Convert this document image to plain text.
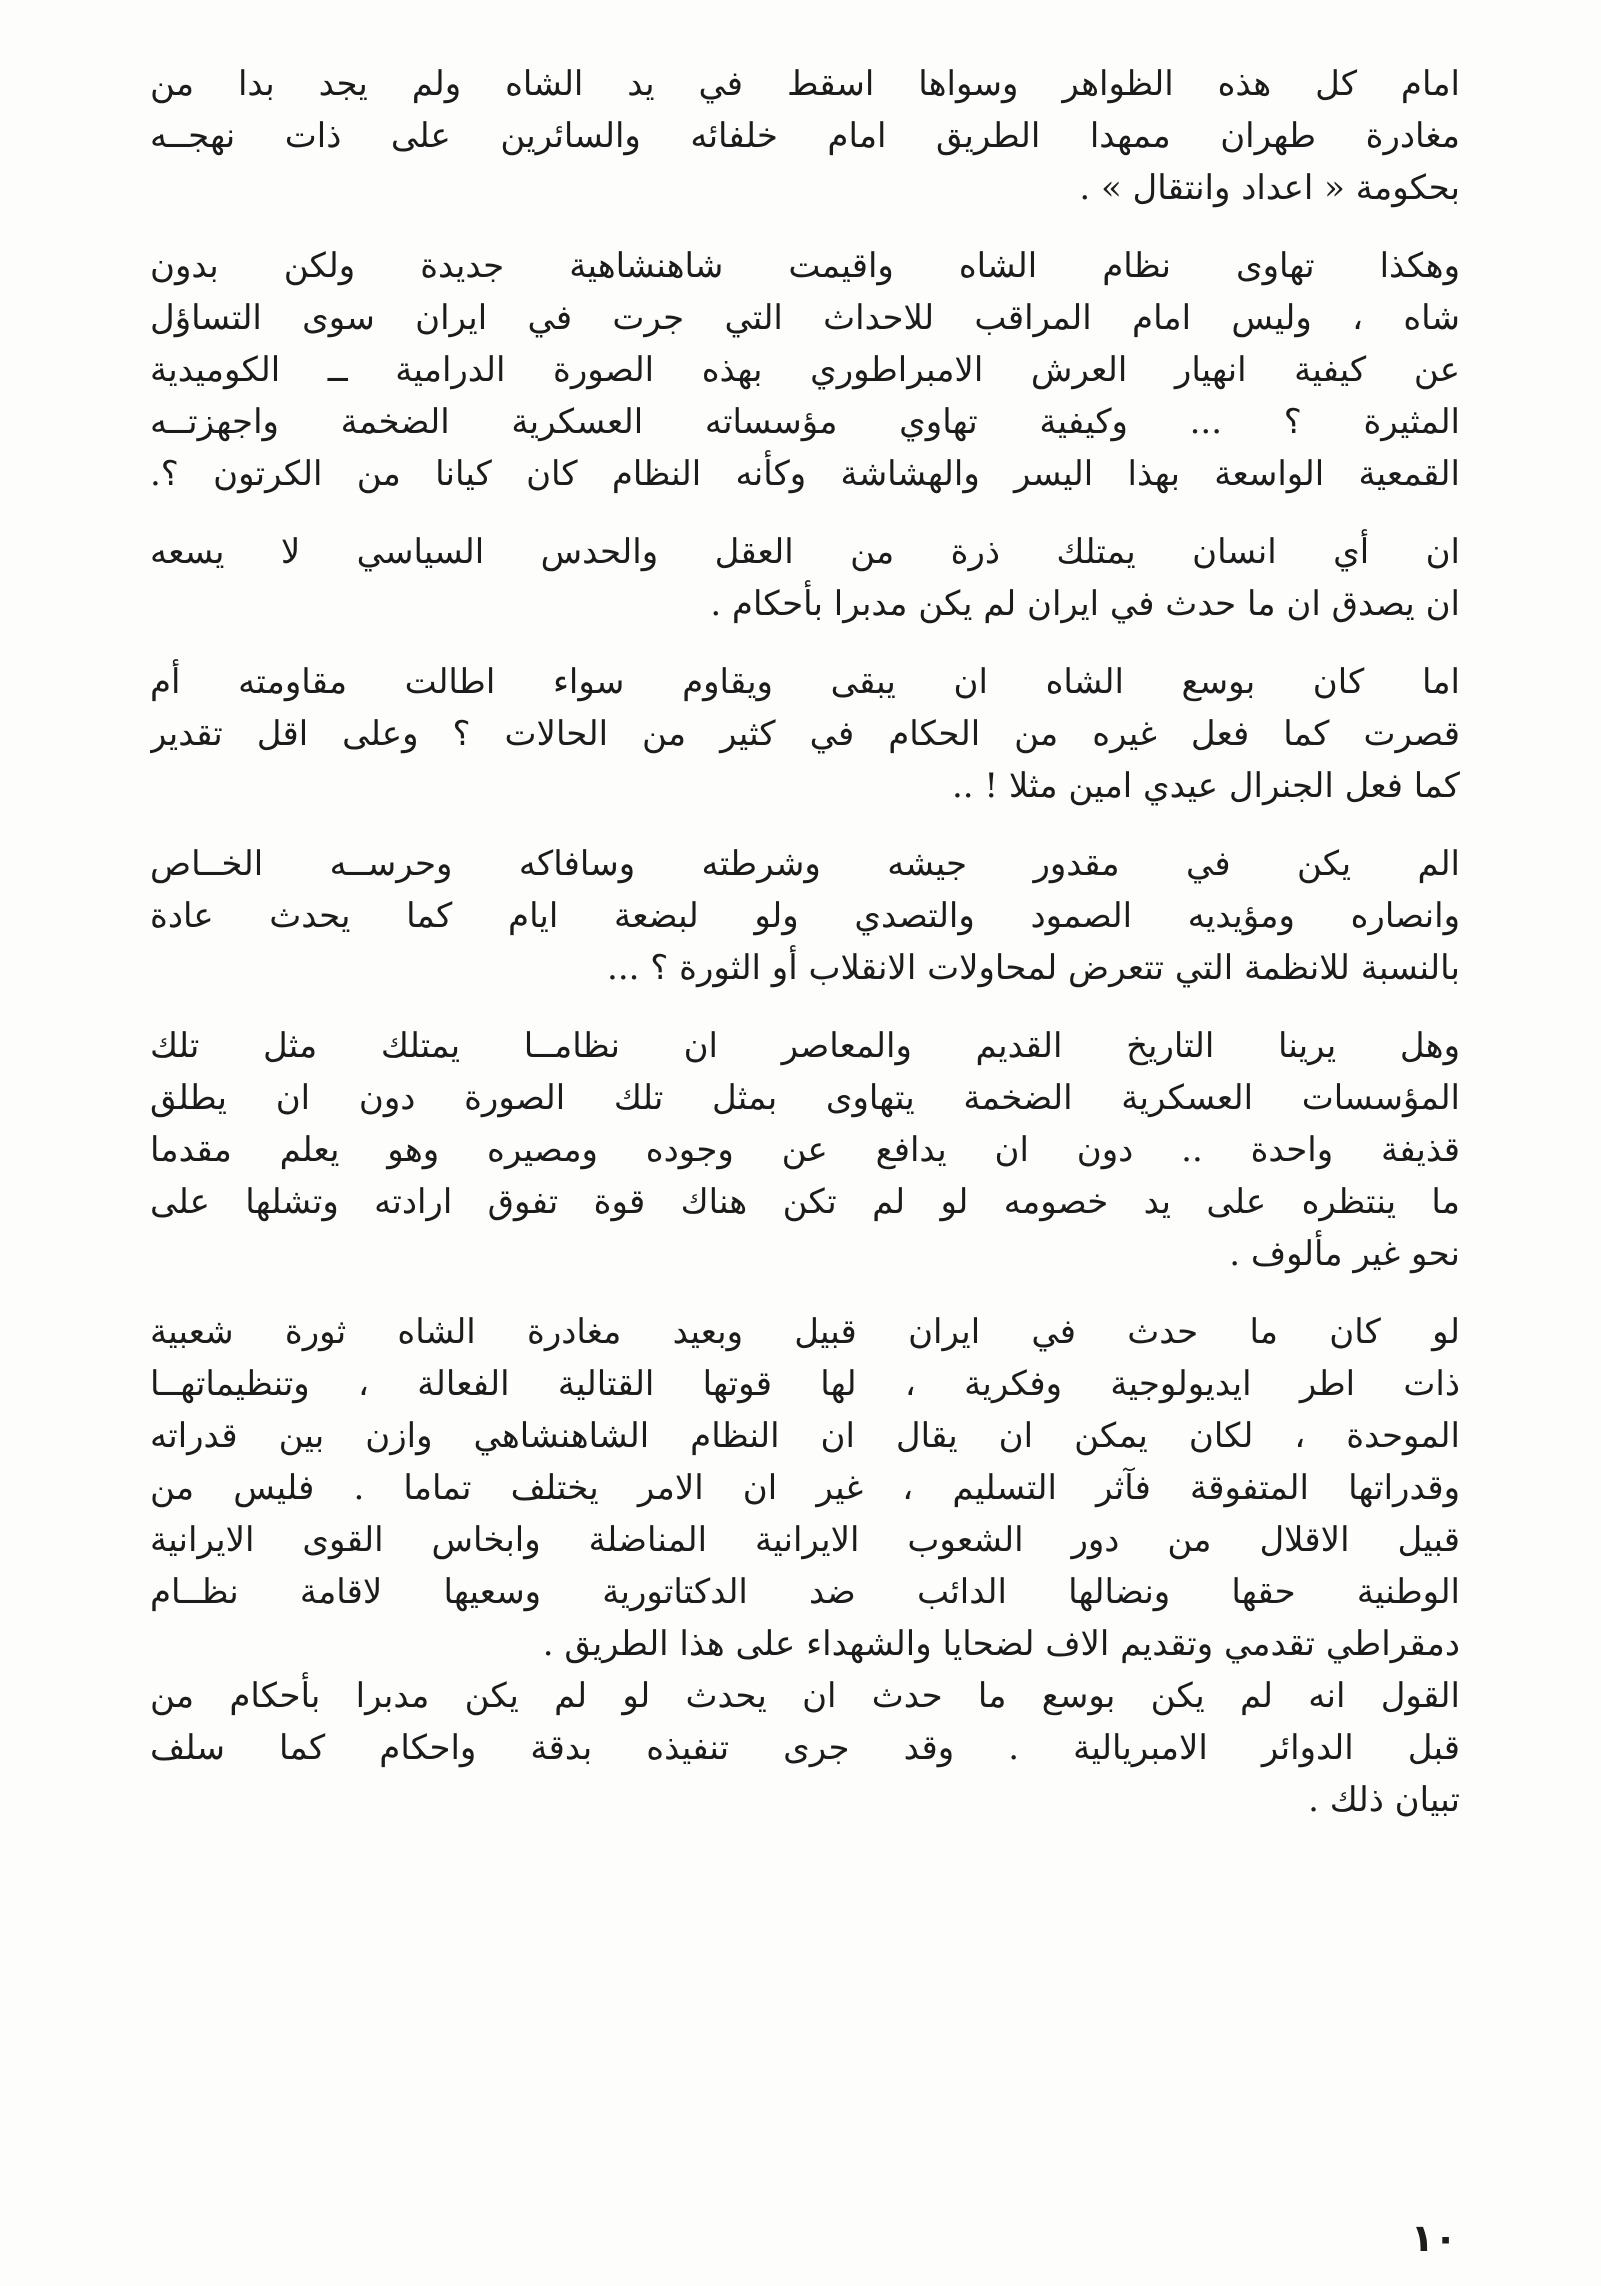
امام كل هذه الظواهر وسواها اسقط في يد الشاه ولم يجد بدا من
مغادرة طهران ممهدا الطريق امام خلفائه والسائرين على ذات نهجــه
بحكومة « اعداد وانتقال » .
وهكذا تهاوى نظام الشاه واقيمت شاهنشاهية جديدة ولكن بدون
شاه ، وليس امام المراقب للاحداث التي جرت في ايران سوى التساؤل
عن كيفية انهيار العرش الامبراطوري بهذه الصورة الدرامية ــ الكوميدية
المثيرة ؟ ... وكيفية تهاوي مؤسساته العسكرية الضخمة واجهزتــه
القمعية الواسعة بهذا اليسر والهشاشة وكأنه النظام كان كيانا من الكرتون ؟.
ان أي انسان يمتلك ذرة من العقل والحدس السياسي لا يسعه
ان يصدق ان ما حدث في ايران لم يكن مدبرا بأحكام .
اما كان بوسع الشاه ان يبقى ويقاوم سواء اطالت مقاومته أم
قصرت كما فعل غيره من الحكام في كثير من الحالات ؟ وعلى اقل تقدير
كما فعل الجنرال عيدي امين مثلا ! ..
الم يكن في مقدور جيشه وشرطته وسافاكه وحرســه الخــاص
وانصاره ومؤيديه الصمود والتصدي ولو لبضعة ايام كما يحدث عادة
بالنسبة للانظمة التي تتعرض لمحاولات الانقلاب أو الثورة ؟ ...
وهل يرينا التاريخ القديم والمعاصر ان نظامــا يمتلك مثل تلك
المؤسسات العسكرية الضخمة يتهاوى بمثل تلك الصورة دون ان يطلق
قذيفة واحدة .. دون ان يدافع عن وجوده ومصيره وهو يعلم مقدما
ما ينتظره على يد خصومه لو لم تكن هناك قوة تفوق ارادته وتشلها على
نحو غير مألوف .
لو كان ما حدث في ايران قبيل وبعيد مغادرة الشاه ثورة شعبية
ذات اطر ايديولوجية وفكرية ، لها قوتها القتالية الفعالة ، وتنظيماتهــا
الموحدة ، لكان يمكن ان يقال ان النظام الشاهنشاهي وازن بين قدراته
وقدراتها المتفوقة فآثر التسليم ، غير ان الامر يختلف تماما . فليس من
قبيل الاقلال من دور الشعوب الايرانية المناضلة وابخاس القوى الايرانية
الوطنية حقها ونضالها الدائب ضد الدكتاتورية وسعيها لاقامة نظــام
دمقراطي تقدمي وتقديم الاف لضحايا والشهداء على هذا الطريق .
القول انه لم يكن بوسع ما حدث ان يحدث لو لم يكن مدبرا بأحكام من
قبل الدوائر الامبريالية . وقد جرى تنفيذه بدقة واحكام كما سلف
تبيان ذلك .
١٠
